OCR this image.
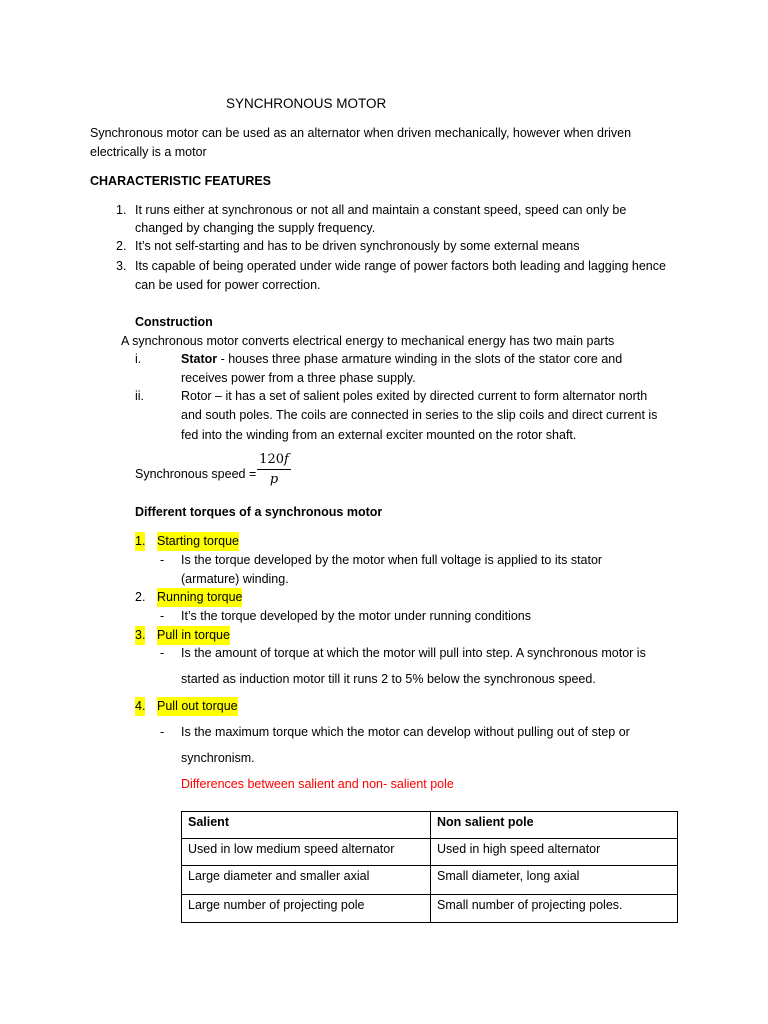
SYNCHRONOUS MOTOR
Synchronous motor can be used as an alternator when driven mechanically, however when driven
electrically is a motor
CHARACTERISTIC FEATURES
1. It runs either at synchronous or not all and maintain a constant speed, speed can only be
changed by changing the supply frequency.
2. It’s not self-starting and has to be driven synchronously by some external means
3. Its capable of being operated under wide range of power factors both leading and lagging hence
can be used for power correction.
Construction
A synchronous motor converts electrical energy to mechanical energy has two main parts
i.	Stator - houses three phase armature winding in the slots of the stator core and
receives power from a three phase supply.
ii.	Rotor – it has a set of salient poles exited by directed current to form alternator north
and south poles. The coils are connected in series to the slip coils and direct current is
fed into the winding from an external exciter mounted on the rotor shaft.
Synchronous speed = $\frac{120f}{p}$
Different torques of a synchronous motor
1. Starting torque
- Is the torque developed by the motor when full voltage is applied to its stator
(armature) winding.
2. Running torque
- It’s the torque developed by the motor under running conditions
3. Pull in torque
- Is the amount of torque at which the motor will pull into step. A synchronous motor is
started as induction motor till it runs 2 to 5% below the synchronous speed.
4. Pull out torque
- Is the maximum torque which the motor can develop without pulling out of step or
synchronism.
Differences between salient and non- salient pole
Salient	Non salient pole
Used in low medium speed alternator	Used in high speed alternator
Large diameter and smaller axial	Small diameter, long axial
Large number of projecting pole	Small number of projecting poles.
